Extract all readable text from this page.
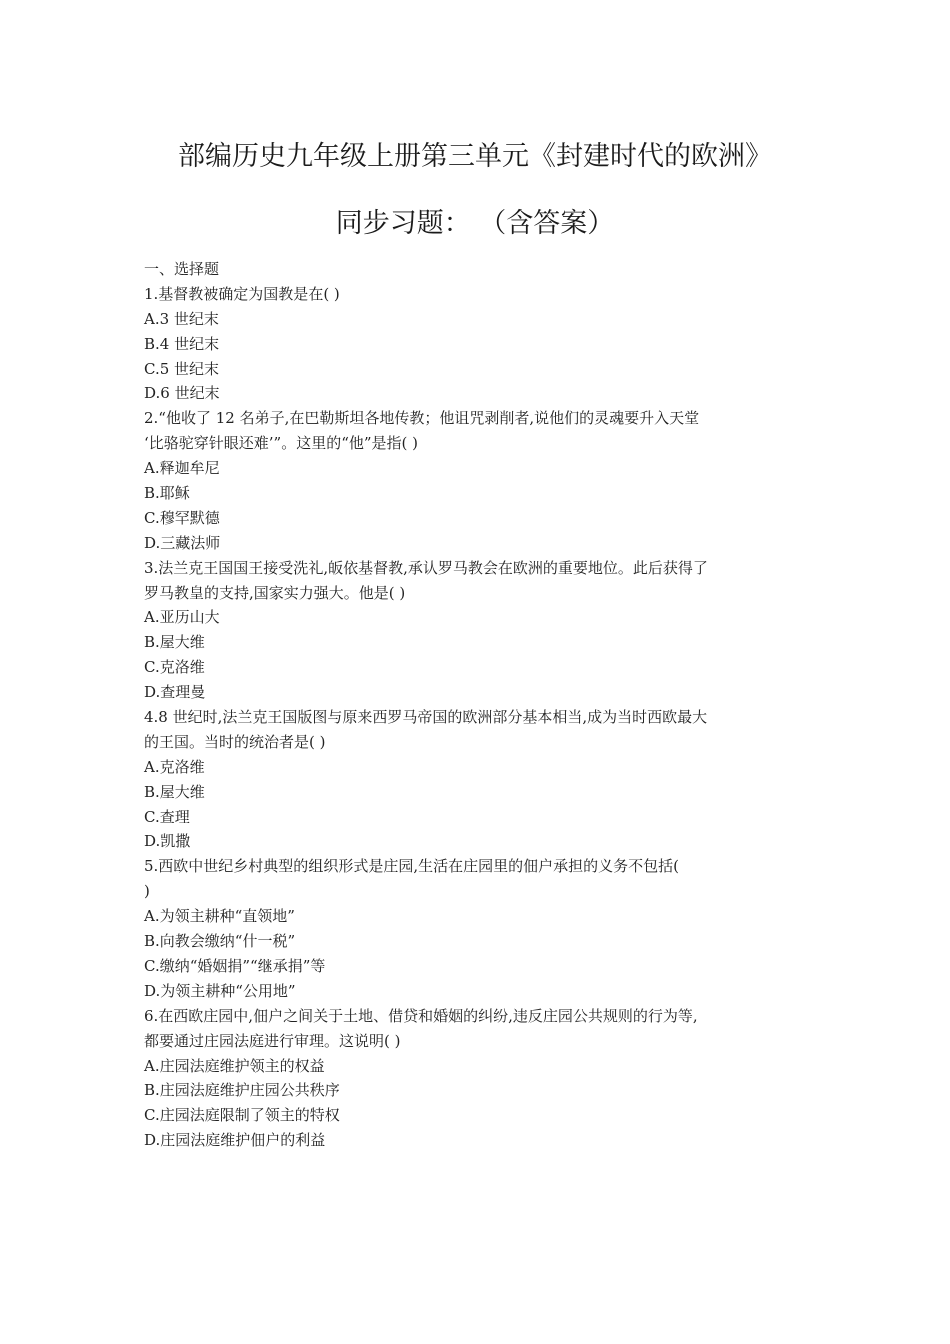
部编历史九年级上册第三单元《封建时代的欧洲》
同步习题： （含答案）
一、选择题
1.基督教被确定为国教是在( )
A.3 世纪末
B.4 世纪末
C.5 世纪末
D.6 世纪末
2.“他收了 12 名弟子,在巴勒斯坦各地传教；他诅咒剥削者,说他们的灵魂要升入天堂
‘比骆驼穿针眼还难’”。这里的“他”是指( )
A.释迦牟尼
B.耶稣
C.穆罕默德
D.三藏法师
3.法兰克王国国王接受洗礼,皈依基督教,承认罗马教会在欧洲的重要地位。此后获得了
罗马教皇的支持,国家实力强大。他是( )
A.亚历山大
B.屋大维
C.克洛维
D.查理曼
4.8 世纪时,法兰克王国版图与原来西罗马帝国的欧洲部分基本相当,成为当时西欧最大
的王国。当时的统治者是( )
A.克洛维
B.屋大维
C.查理
D.凯撒
5.西欧中世纪乡村典型的组织形式是庄园,生活在庄园里的佃户承担的义务不包括(
)
A.为领主耕种“直领地”
B.向教会缴纳“什一税”
C.缴纳“婚姻捐”“继承捐”等
D.为领主耕种“公用地”
6.在西欧庄园中,佃户之间关于土地、借贷和婚姻的纠纷,违反庄园公共规则的行为等,
都要通过庄园法庭进行审理。这说明( )
A.庄园法庭维护领主的权益
B.庄园法庭维护庄园公共秩序
C.庄园法庭限制了领主的特权
D.庄园法庭维护佃户的利益
